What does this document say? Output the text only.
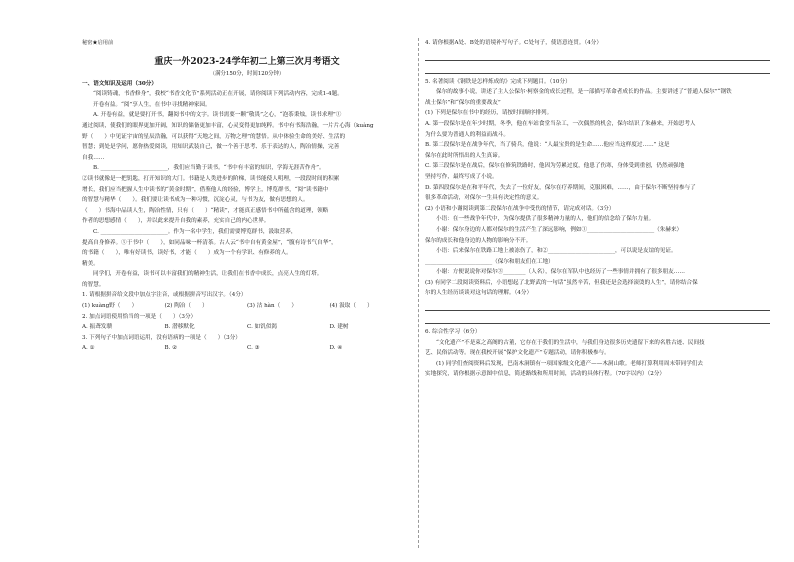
秘密★启用前
重庆一外2023-24学年初二上第三次月考语文
（满分150分，时间120分钟）

一、语文知识及运用（30分）

“阅读铸魂，书香修身”，我校“书香文化节”系列活动正在开展，请你阅读下列活动内容，完成1-4题。

开卷有益。“阅”享人生，在书中寻找精神家园。

A. 开卷有益，就是要打开书，翻阅书中的文字。读书需要一颗“敬畏”之心，“泡茶秉烛，读书求理”①

通过阅读，使我们的眼界更加开阔，知识的储备更加丰富，心灵变得更加纯粹。书中有书海浩瀚，一片片心海（kuàng

野（　　）中见证宇宙的星辰浩瀚，可以获得“天地之间，万物之理”的慧悟。从中体验生命的美好、生活的

智慧；到处是学问，愿你热爱阅读，用知识武装自己，做一个善于思考、乐于表达的人，陶冶情操，完善

自我……

B. ________________________，我们应当勤于读书。“书中有丰富的知识，学海无涯苦作舟”。

②读书就像是一把钥匙，打开知识的大门。书籍是人类进步的阶梯，读书能使人明理，一段段时间的积累

增长，我们应当把握人生中读书的“黄金时期”，借鉴他人的经验，博学上，博览群书，“阅”读书籍中

的智慧与精华（　　）。我们要让读书成为一种习惯，沉淀心灵，与书为友，做有思想的人。

（　　）书海中品读人生，陶冶性情，只有（　　）“精读”，才能真正感悟书中所蕴含的道理，领略

作者的思想感情（　　），并以此来提升自我的素养，充实自己的内心世界。

C. ________________________。作为一名中学生，我们需要博览群书，汲取营养，

提高自身修养。⑤于书中（　　），如同品味一杯清茶。古人云“书中自有黄金屋”，“腹有诗书气自华”，

的书籍（　　），唯有好读书，读好书，才能（　　）成为一个有学识、有修养的人。

精美。

同学们，开卷有益，读书可以丰富我们的精神生活，让我们在书香中成长，点亮人生的灯塔。

的智慧。

1. 请根据拼音给文段中加点字注音，或根据拼音写出汉字。（4分）

(1) kuàng野（　　）	(2) 陶冶（　　）	(3) 沽 hàn（　　）	(4) 汲取（　　）

2. 加点词语使用恰当的一项是（　　）（3分）

A. 振聋发聩	B. 潜移默化	C. 如饥似渴	D. 建树

3. 下列句子中加点词语运用，没有语病的一项是（　　）（3分）

A. ①	B. ②	C. ③	D. ④

4. 请你根据A处、B处的语境补写句子。C处句子，使语意连贯。（4分）

5. 名著阅读《钢铁是怎样炼成的》完成下列题目。（10分）

保尔的故事小说，讲述了主人公保尔·柯察金的成长过程，是一部描写革命者成长的作品。主要讲述了“普通人保尔”“钢铁

战士保尔”和“保尔的重要战友”

(1) 下列是保尔在书中的经历，请按时间顺序排列。

A. 第一段保尔是在年少时期，冬季，他在车站食堂当杂工，一次偶然的机会，保尔结识了朱赫来，开始思考人

为什么要为普通人的利益而战斗。

B. 第二段保尔是在战争年代，当了骑兵，他说：“人最宝贵的是生命……他应当这样度过……” 这是

保尔在此时所悟出的人生真谛。

C. 第三段保尔是在战后，保尔在修筑铁路时，他因为劳累过度，他患了伤寒，身体受到重创，仍然顽强地

坚持写作，最终写成了小说。

D. 第四段保尔是在和平年代，失去了一位好友，保尔在疗养期间，克服困难，……，由于保尔不断坚持参与了

很多革命活动，对保尔一生具有决定性的意义。

(2) 小语和小谢阅读到第二段保尔在战争中受伤的情节，请完成对话。（3分）

小语：在一些战争年代中，为保尔提供了很多精神力量的人，他们的信念给了保尔力量。

小谢：保尔身边的人都对保尔的生活产生了深远影响，例如①________________________（朱赫来）

保尔的成长和他身边的人物的影响分不开。

小语：后来保尔在铁路工地上被冻伤了，和②________________________，可以说是友谊的见证。

________________________（保尔和朋友们在工地）

小谢：方便说说你对保尔③________（人名），保尔在军队中也经历了一些事情并拥有了很多朋友……

(3) 有同学二段阅读资料后，小语想起了北野武的一句话“虽然辛苦，但我还是会选择滚烫的人生”，请你结合保

尔的人生经历谈谈对这句话的理解。（4分）

6. 综合性学习（6分）

“文化遗产”不是束之高阁的古董，它存在于我们的生活中，与我们身边很多历史遗留下来的名胜古迹、民间技

艺、民俗活动等。现在我校开展“保护文化遗产”专题活动，请你积极参与。

(1) 同学们查阅资料后发现，巴南木洞镇有一项国家级文化遗产——木洞山歌。老师打算利用周末带同学们去

实地探究，请你根据示意图中信息，简述路线和所用时间，活动的具体行程。（70字以内）（2分）
